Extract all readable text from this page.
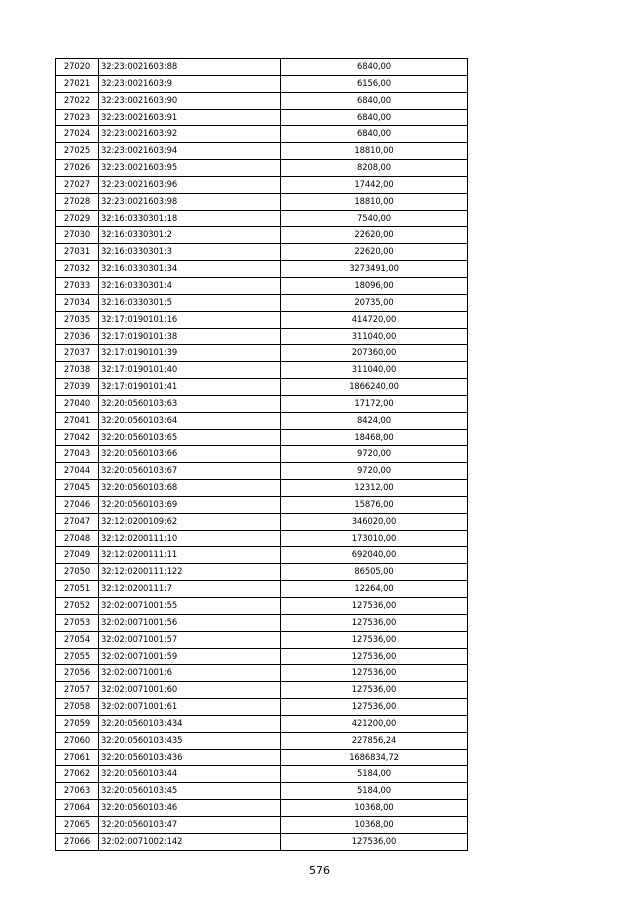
27020	32:23:0021603:88	6840,00
27021	32:23:0021603:9	6156,00
27022	32:23:0021603:90	6840,00
27023	32:23:0021603:91	6840,00
27024	32:23:0021603:92	6840,00
27025	32:23:0021603:94	18810,00
27026	32:23:0021603:95	8208,00
27027	32:23:0021603:96	17442,00
27028	32:23:0021603:98	18810,00
27029	32:16:0330301:18	7540,00
27030	32:16:0330301:2	22620,00
27031	32:16:0330301:3	22620,00
27032	32:16:0330301:34	3273491,00
27033	32:16:0330301:4	18096,00
27034	32:16:0330301:5	20735,00
27035	32:17:0190101:16	414720,00
27036	32:17:0190101:38	311040,00
27037	32:17:0190101:39	207360,00
27038	32:17:0190101:40	311040,00
27039	32:17:0190101:41	1866240,00
27040	32:20:0560103:63	17172,00
27041	32:20:0560103:64	8424,00
27042	32:20:0560103:65	18468,00
27043	32:20:0560103:66	9720,00
27044	32:20:0560103:67	9720,00
27045	32:20:0560103:68	12312,00
27046	32:20:0560103:69	15876,00
27047	32:12:0200109:62	346020,00
27048	32:12:0200111:10	173010,00
27049	32:12:0200111:11	692040,00
27050	32:12:0200111:122	86505,00
27051	32:12:0200111:7	12264,00
27052	32:02:0071001:55	127536,00
27053	32:02:0071001:56	127536,00
27054	32:02:0071001:57	127536,00
27055	32:02:0071001:59	127536,00
27056	32:02:0071001:6	127536,00
27057	32:02:0071001:60	127536,00
27058	32:02:0071001:61	127536,00
27059	32:20:0560103:434	421200,00
27060	32:20:0560103:435	227856,24
27061	32:20:0560103:436	1686834,72
27062	32:20:0560103:44	5184,00
27063	32:20:0560103:45	5184,00
27064	32:20:0560103:46	10368,00
27065	32:20:0560103:47	10368,00
27066	32:02:0071002:142	127536,00
576
